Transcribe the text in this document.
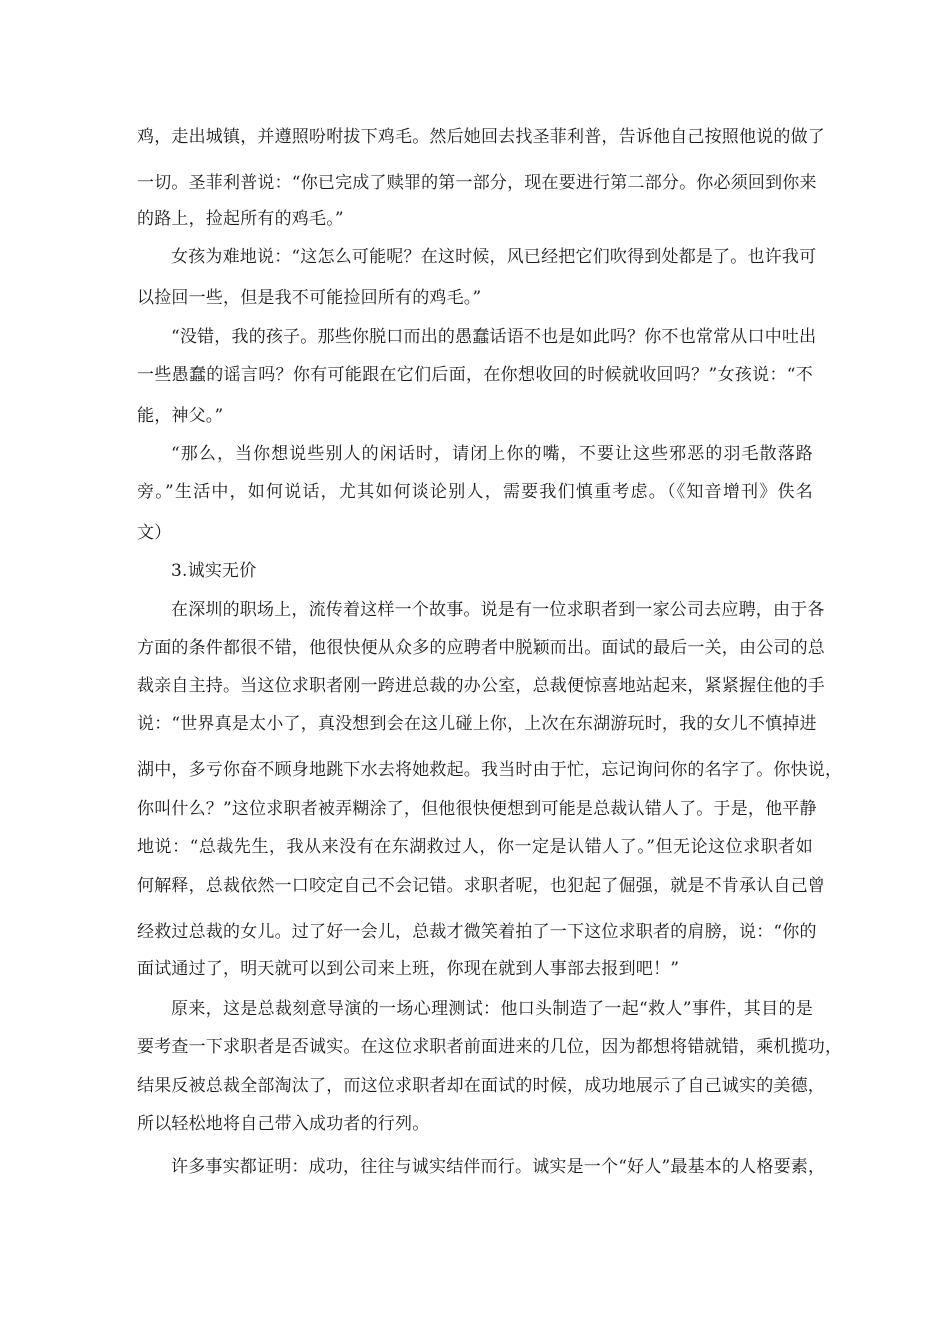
鸡，走出城镇，并遵照吩咐拔下鸡毛。然后她回去找圣菲利普，告诉他自己按照他说的做了
一切。圣菲利普说：“你已完成了赎罪的第一部分，现在要进行第二部分。你必须回到你来
的路上，捡起所有的鸡毛。”
女孩为难地说：“这怎么可能呢？在这时候，风已经把它们吹得到处都是了。也许我可
以捡回一些，但是我不可能捡回所有的鸡毛。”
“没错，我的孩子。那些你脱口而出的愚蠢话语不也是如此吗？你不也常常从口中吐出
一些愚蠢的谣言吗？你有可能跟在它们后面，在你想收回的时候就收回吗？”女孩说：“不
能，神父。”
“那么，当你想说些别人的闲话时，请闭上你的嘴，不要让这些邪恶的羽毛散落路
旁。”生活中，如何说话，尤其如何谈论别人，需要我们慎重考虑。（《知音增刊》佚名
文）
3.诚实无价
在深圳的职场上，流传着这样一个故事。说是有一位求职者到一家公司去应聘，由于各
方面的条件都很不错，他很快便从众多的应聘者中脱颖而出。面试的最后一关，由公司的总
裁亲自主持。当这位求职者刚一跨进总裁的办公室，总裁便惊喜地站起来，紧紧握住他的手
说：“世界真是太小了，真没想到会在这儿碰上你，上次在东湖游玩时，我的女儿不慎掉进
湖中，多亏你奋不顾身地跳下水去将她救起。我当时由于忙，忘记询问你的名字了。你快说，
你叫什么？”这位求职者被弄糊涂了，但他很快便想到可能是总裁认错人了。于是，他平静
地说：“总裁先生，我从来没有在东湖救过人，你一定是认错人了。”但无论这位求职者如
何解释，总裁依然一口咬定自己不会记错。求职者呢，也犯起了倔强，就是不肯承认自己曾
经救过总裁的女儿。过了好一会儿，总裁才微笑着拍了一下这位求职者的肩膀，说：“你的
面试通过了，明天就可以到公司来上班，你现在就到人事部去报到吧！”
原来，这是总裁刻意导演的一场心理测试：他口头制造了一起“救人”事件，其目的是
要考查一下求职者是否诚实。在这位求职者前面进来的几位，因为都想将错就错，乘机揽功，
结果反被总裁全部淘汰了，而这位求职者却在面试的时候，成功地展示了自己诚实的美德，
所以轻松地将自己带入成功者的行列。
许多事实都证明：成功，往往与诚实结伴而行。诚实是一个“好人”最基本的人格要素，
